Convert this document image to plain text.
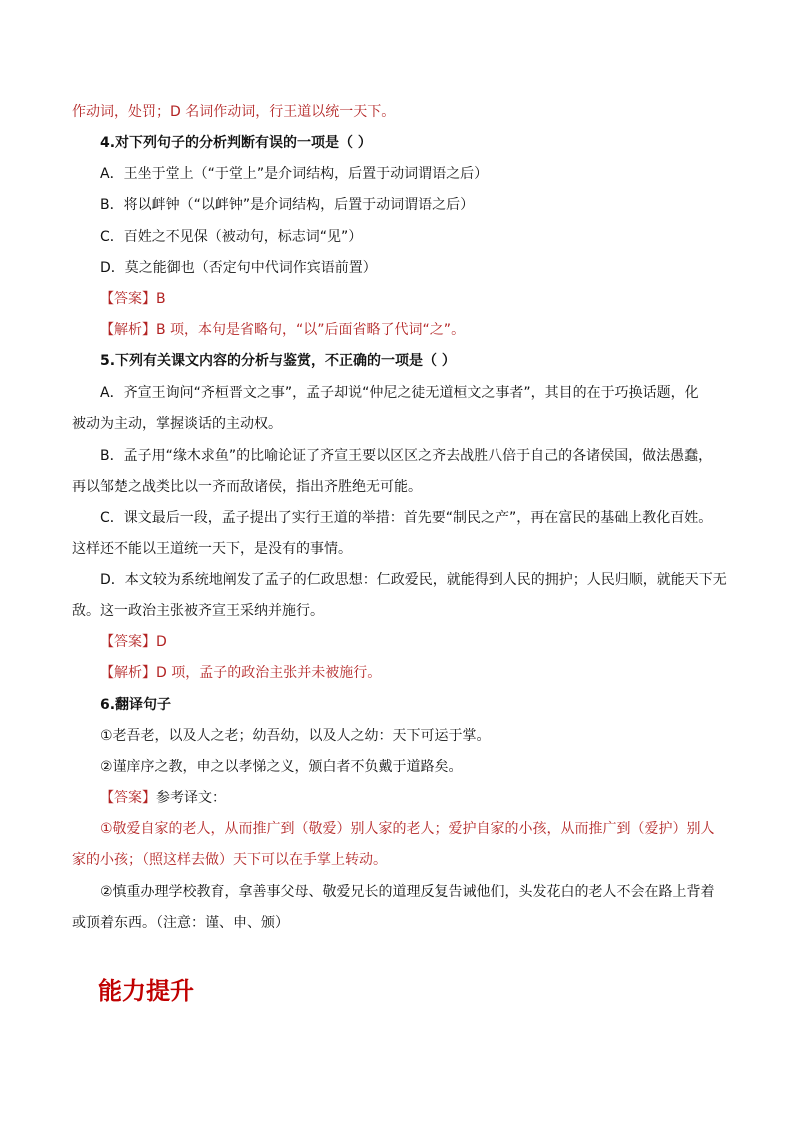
作动词，处罚；D 名词作动词，行王道以统一天下。
4.对下列句子的分析判断有误的一项是（ ）
A．王坐于堂上（“于堂上”是介词结构，后置于动词谓语之后）
B．将以衅钟（“以衅钟”是介词结构，后置于动词谓语之后）
C．百姓之不见保（被动句，标志词“见”）
D．莫之能御也（否定句中代词作宾语前置）
【答案】B
【解析】B 项，本句是省略句，“以”后面省略了代词“之”。
5.下列有关课文内容的分析与鉴赏，不正确的一项是（ ）
A．齐宣王询问“齐桓晋文之事”，孟子却说“仲尼之徒无道桓文之事者”，其目的在于巧换话题，化
被动为主动，掌握谈话的主动权。
B．孟子用“缘木求鱼”的比喻论证了齐宣王要以区区之齐去战胜八倍于自己的各诸侯国，做法愚蠢，
再以邹楚之战类比以一齐而敌诸侯，指出齐胜绝无可能。
C．课文最后一段，孟子提出了实行王道的举措：首先要“制民之产”，再在富民的基础上教化百姓。
这样还不能以王道统一天下，是没有的事情。
D．本文较为系统地阐发了孟子的仁政思想：仁政爱民，就能得到人民的拥护；人民归顺，就能天下无
敌。这一政治主张被齐宣王采纳并施行。
【答案】D
【解析】D 项，孟子的政治主张并未被施行。
6.翻译句子
①老吾老，以及人之老；幼吾幼，以及人之幼：天下可运于掌。
②谨庠序之教，申之以孝悌之义，颁白者不负戴于道路矣。
【答案】参考译文：
①敬爱自家的老人，从而推广到（敬爱）别人家的老人；爱护自家的小孩，从而推广到（爱护）别人
家的小孩；（照这样去做）天下可以在手掌上转动。
②慎重办理学校教育，拿善事父母、敬爱兄长的道理反复告诫他们，头发花白的老人不会在路上背着
或顶着东西。（注意：谨、申、颁）
能力提升
